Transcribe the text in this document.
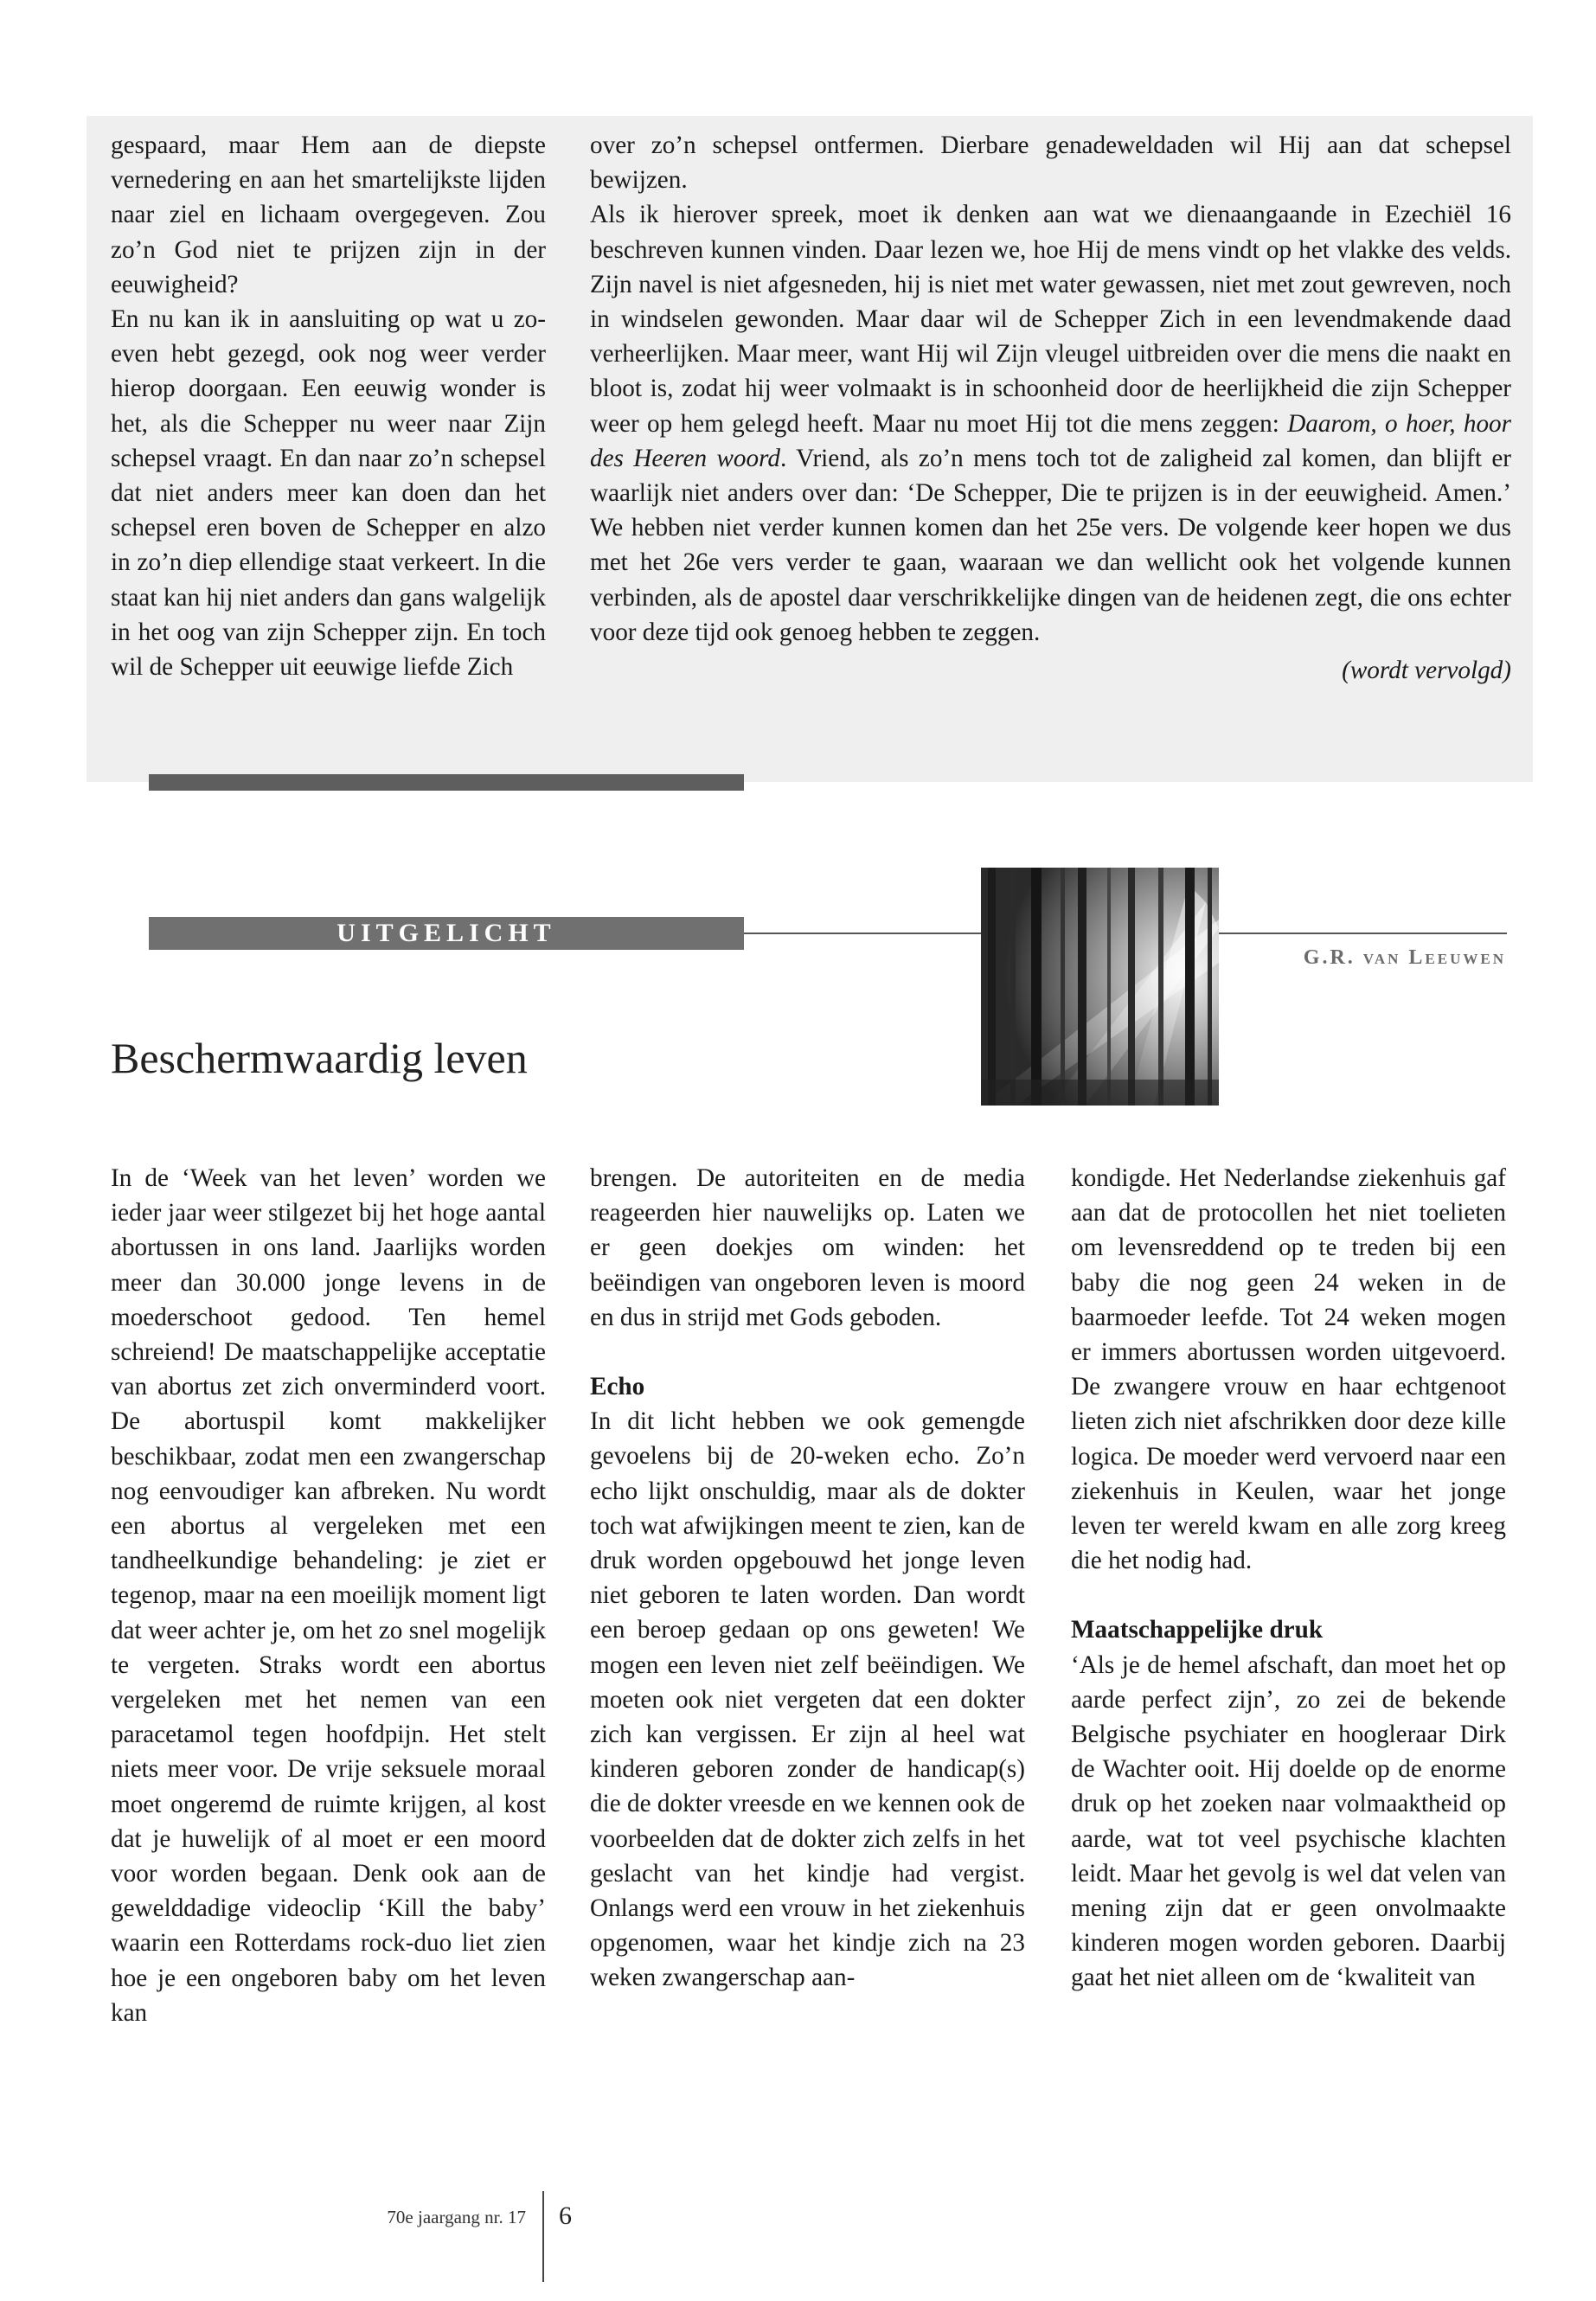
gespaard, maar Hem aan de diepste vernedering en aan het smartelijkste lijden naar ziel en lichaam overgegeven. Zou zo’n God niet te prijzen zijn in der eeuwigheid?

En nu kan ik in aansluiting op wat u zo-even hebt gezegd, ook nog weer verder hierop doorgaan. Een eeuwig wonder is het, als die Schepper nu weer naar Zijn schepsel vraagt. En dan naar zo’n schepsel dat niet anders meer kan doen dan het schepsel eren boven de Schepper en alzo in zo’n diep ellendige staat verkeert. In die staat kan hij niet anders dan gans walgelijk in het oog van zijn Schepper zijn. En toch wil de Schepper uit eeuwige liefde Zich

over zo’n schepsel ontfermen. Dierbare genadeweldaden wil Hij aan dat schepsel bewijzen.

Als ik hierover spreek, moet ik denken aan wat we dienaangaande in Ezechiël 16 beschreven kunnen vinden. Daar lezen we, hoe Hij de mens vindt op het vlakke des velds. Zijn navel is niet afgesneden, hij is niet met water gewassen, niet met zout gewreven, noch in windselen gewonden. Maar daar wil de Schepper Zich in een levendmakende daad verheerlijken. Maar meer, want Hij wil Zijn vleugel uitbreiden over die mens die naakt en bloot is, zodat hij weer volmaakt is in schoonheid door de heerlijkheid die zijn Schepper weer op hem gelegd heeft. Maar nu moet Hij tot die mens zeggen: Daarom, o hoer, hoor des Heeren woord. Vriend, als zo’n mens toch tot de zaligheid zal komen, dan blijft er waarlijk niet anders over dan: ‘De Schepper, Die te prijzen is in der eeuwigheid. Amen.’ We hebben niet verder kunnen komen dan het 25e vers. De volgende keer hopen we dus met het 26e vers verder te gaan, waaraan we dan wellicht ook het volgende kunnen verbinden, als de apostel daar verschrikkelijke dingen van de heidenen zegt, die ons echter voor deze tijd ook genoeg hebben te zeggen.

(wordt vervolgd)

UITGELICHT
G.R. van Leeuwen
Beschermwaardig leven

In de ‘Week van het leven’ worden we ieder jaar weer stilgezet bij het hoge aantal abortussen in ons land. Jaarlijks worden meer dan 30.000 jonge levens in de moederschoot gedood. Ten hemel schreiend! De maatschappelijke acceptatie van abortus zet zich onverminderd voort. De abortuspil komt makkelijker beschikbaar, zodat men een zwangerschap nog eenvoudiger kan afbreken. Nu wordt een abortus al vergeleken met een tandheelkundige behandeling: je ziet er tegenop, maar na een moeilijk moment ligt dat weer achter je, om het zo snel mogelijk te vergeten. Straks wordt een abortus vergeleken met het nemen van een paracetamol tegen hoofdpijn. Het stelt niets meer voor. De vrije seksuele moraal moet ongeremd de ruimte krijgen, al kost dat je huwelijk of al moet er een moord voor worden begaan. Denk ook aan de gewelddadige videoclip ‘Kill the baby’ waarin een Rotterdams rock-duo liet zien hoe je een ongeboren baby om het leven kan

brengen. De autoriteiten en de media reageerden hier nauwelijks op. Laten we er geen doekjes om winden: het beëindigen van ongeboren leven is moord en dus in strijd met Gods geboden.

Echo

In dit licht hebben we ook gemengde gevoelens bij de 20-weken echo. Zo’n echo lijkt onschuldig, maar als de dokter toch wat afwijkingen meent te zien, kan de druk worden opgebouwd het jonge leven niet geboren te laten worden. Dan wordt een beroep gedaan op ons geweten! We mogen een leven niet zelf beëindigen. We moeten ook niet vergeten dat een dokter zich kan vergissen. Er zijn al heel wat kinderen geboren zonder de handicap(s) die de dokter vreesde en we kennen ook de voorbeelden dat de dokter zich zelfs in het geslacht van het kindje had vergist. Onlangs werd een vrouw in het ziekenhuis opgenomen, waar het kindje zich na 23 weken zwangerschap aan-

kondigde. Het Nederlandse ziekenhuis gaf aan dat de protocollen het niet toelieten om levensreddend op te treden bij een baby die nog geen 24 weken in de baarmoeder leefde. Tot 24 weken mogen er immers abortussen worden uitgevoerd. De zwangere vrouw en haar echtgenoot lieten zich niet afschrikken door deze kille logica. De moeder werd vervoerd naar een ziekenhuis in Keulen, waar het jonge leven ter wereld kwam en alle zorg kreeg die het nodig had.

Maatschappelijke druk

‘Als je de hemel afschaft, dan moet het op aarde perfect zijn’, zo zei de bekende Belgische psychiater en hoogleraar Dirk de Wachter ooit. Hij doelde op de enorme druk op het zoeken naar volmaaktheid op aarde, wat tot veel psychische klachten leidt. Maar het gevolg is wel dat velen van mening zijn dat er geen onvolmaakte kinderen mogen worden geboren. Daarbij gaat het niet alleen om de ‘kwaliteit van

70e jaargang nr. 17 6
